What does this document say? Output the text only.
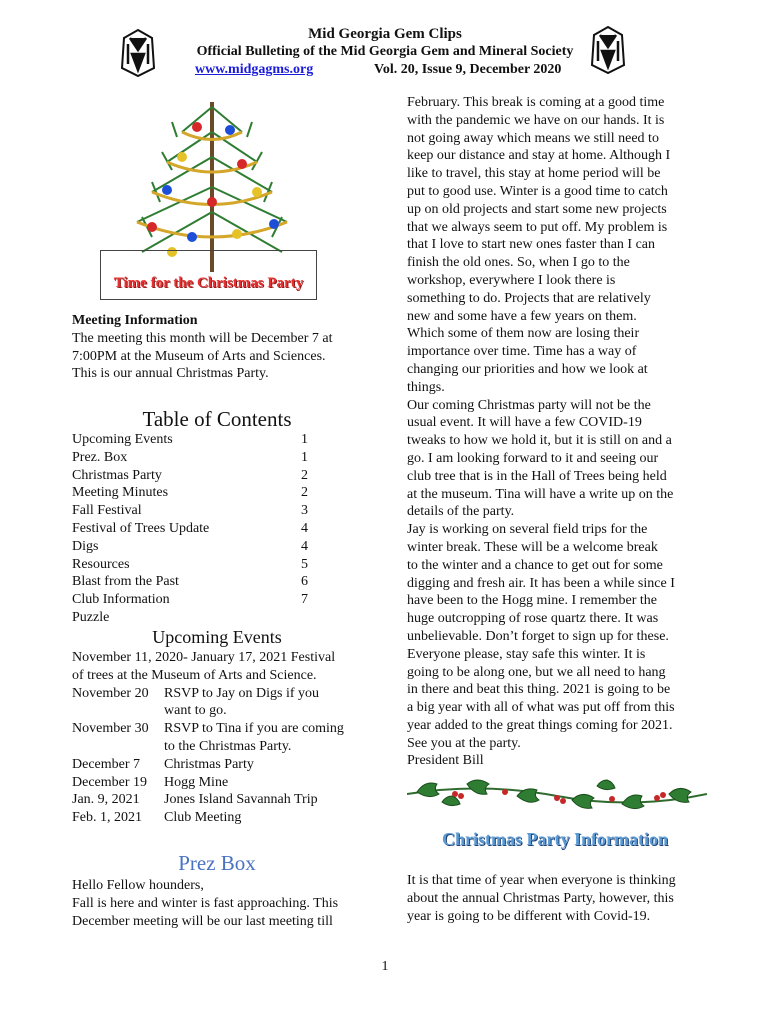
Mid Georgia Gem Clips
Official Bulleting of the Mid Georgia Gem and Mineral Society
www.midgagms.org	Vol. 20, Issue 9, December 2020
Time for the Christmas Party
Meeting Information
The meeting this month will be December 7 at
7:00PM at the Museum of Arts and Sciences.
This is our annual Christmas Party.
Table of Contents
Upcoming Events	1
Prez. Box	1
Christmas Party	2
Meeting Minutes	2
Fall Festival	3
Festival of Trees Update	4
Digs	4
Resources	5
Blast from the Past	6
Club Information	7
Puzzle
Upcoming Events
November 11, 2020- January 17, 2021 Festival
of trees at the Museum of Arts and Science.
November 20	RSVP to Jay on Digs if you
want to go.
November 30	RSVP to Tina if you are coming
to the Christmas Party.
December 7	Christmas Party
December 19	Hogg Mine
Jan. 9, 2021	Jones Island Savannah Trip
Feb. 1, 2021	Club Meeting
Prez Box
Hello Fellow hounders,
Fall is here and winter is fast approaching. This
December meeting will be our last meeting till
February. This break is coming at a good time
with the pandemic we have on our hands. It is
not going away which means we still need to
keep our distance and stay at home. Although I
like to travel, this stay at home period will be
put to good use. Winter is a good time to catch
up on old projects and start some new projects
that we always seem to put off. My problem is
that I love to start new ones faster than I can
finish the old ones. So, when I go to the
workshop, everywhere I look there is
something to do. Projects that are relatively
new and some have a few years on them.
Which some of them now are losing their
importance over time. Time has a way of
changing our priorities and how we look at
things.
Our coming Christmas party will not be the
usual event. It will have a few COVID-19
tweaks to how we hold it, but it is still on and a
go. I am looking forward to it and seeing our
club tree that is in the Hall of Trees being held
at the museum. Tina will have a write up on the
details of the party.
Jay is working on several field trips for the
winter break. These will be a welcome break
to the winter and a chance to get out for some
digging and fresh air. It has been a while since I
have been to the Hogg mine. I remember the
huge outcropping of rose quartz there. It was
unbelievable. Don’t forget to sign up for these.
Everyone please, stay safe this winter. It is
going to be along one, but we all need to hang
in there and beat this thing. 2021 is going to be
a big year with all of what was put off from this
year added to the great things coming for 2021.
See you at the party.
President Bill
Christmas Party Information
It is that time of year when everyone is thinking
about the annual Christmas Party, however, this
year is going to be different with Covid-19.
1
